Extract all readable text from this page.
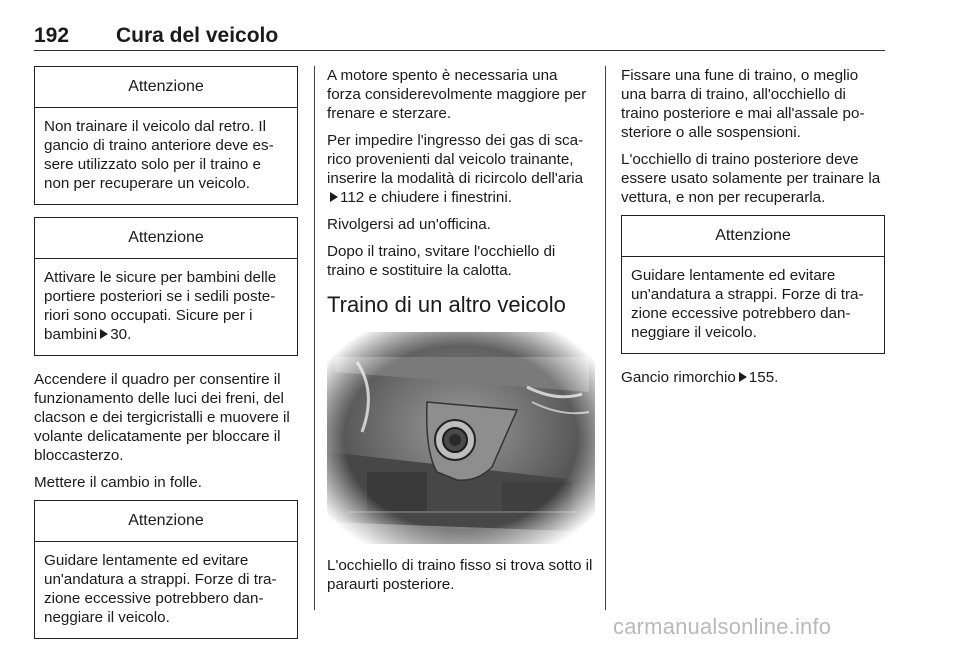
192 Cura del veicolo
Attenzione
Non trainare il veicolo dal retro. Il gancio di traino anteriore deve essere utilizzato solo per il traino e non per recuperare un veicolo.
Attenzione
Attivare le sicure per bambini delle portiere posteriori se i sedili posteriori sono occupati. Sicure per i bambini 30.

Accendere il quadro per consentire il funzionamento delle luci dei freni, del clacson e dei tergicristalli e muovere il volante delicatamente per bloccare il bloccasterzo.

Mettere il cambio in folle.

Attenzione
Guidare lentamente ed evitare un'andatura a strappi. Forze di trazione eccessive potrebbero danneggiare il veicolo.

A motore spento è necessaria una forza considerevolmente maggiore per frenare e sterzare.

Per impedire l'ingresso dei gas di scarico provenienti dal veicolo trainante, inserire la modalità di ricircolo dell'aria112 e chiudere i finestrini.

Rivolgersi ad un'officina.

Dopo il traino, svitare l'occhiello di traino e sostituire la calotta.

Traino di un altro veicolo

L'occhiello di traino fisso si trova sotto il paraurti posteriore.

Fissare una fune di traino, o meglio una barra di traino, all'occhiello di traino posteriore e mai all'assale posteriore o alle sospensioni.

L'occhiello di traino posteriore deve essere usato solamente per trainare la vettura, e non per recuperarla.

Attenzione
Guidare lentamente ed evitare un'andatura a strappi. Forze di trazione eccessive potrebbero danneggiare il veicolo.

Gancio rimorchio 155.

carmanualsonline.info
